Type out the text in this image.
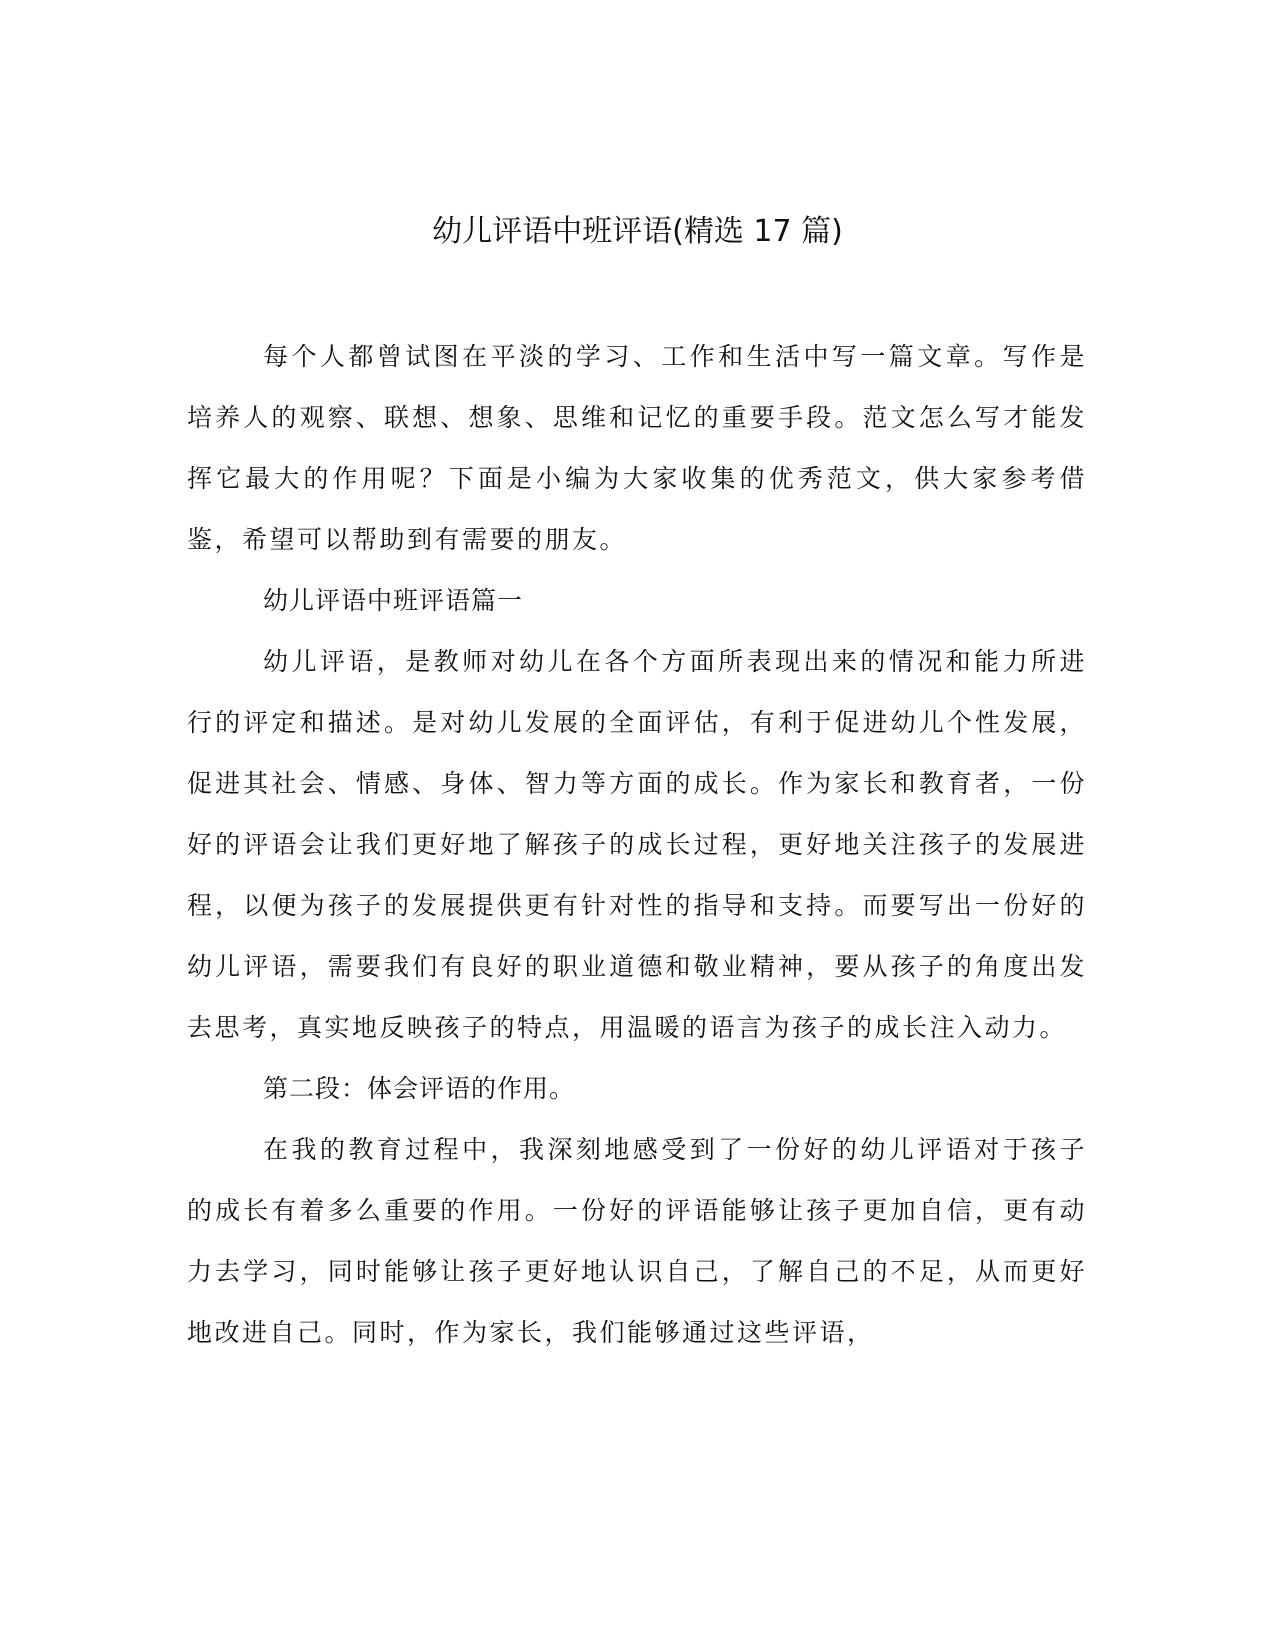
幼儿评语中班评语(精选 17 篇)

每个人都曾试图在平淡的学习、工作和生活中写一篇文章。写作是培养人的观察、联想、想象、思维和记忆的重要手段。范文怎么写才能发挥它最大的作用呢？下面是小编为大家收集的优秀范文，供大家参考借鉴，希望可以帮助到有需要的朋友。

幼儿评语中班评语篇一

幼儿评语，是教师对幼儿在各个方面所表现出来的情况和能力所进行的评定和描述。是对幼儿发展的全面评估，有利于促进幼儿个性发展，促进其社会、情感、身体、智力等方面的成长。作为家长和教育者，一份好的评语会让我们更好地了解孩子的成长过程，更好地关注孩子的发展进程，以便为孩子的发展提供更有针对性的指导和支持。而要写出一份好的幼儿评语，需要我们有良好的职业道德和敬业精神，要从孩子的角度出发去思考，真实地反映孩子的特点，用温暖的语言为孩子的成长注入动力。

第二段：体会评语的作用。

在我的教育过程中，我深刻地感受到了一份好的幼儿评语对于孩子的成长有着多么重要的作用。一份好的评语能够让孩子更加自信，更有动力去学习，同时能够让孩子更好地认识自己，了解自己的不足，从而更好地改进自己。同时，作为家长，我们能够通过这些评语，
